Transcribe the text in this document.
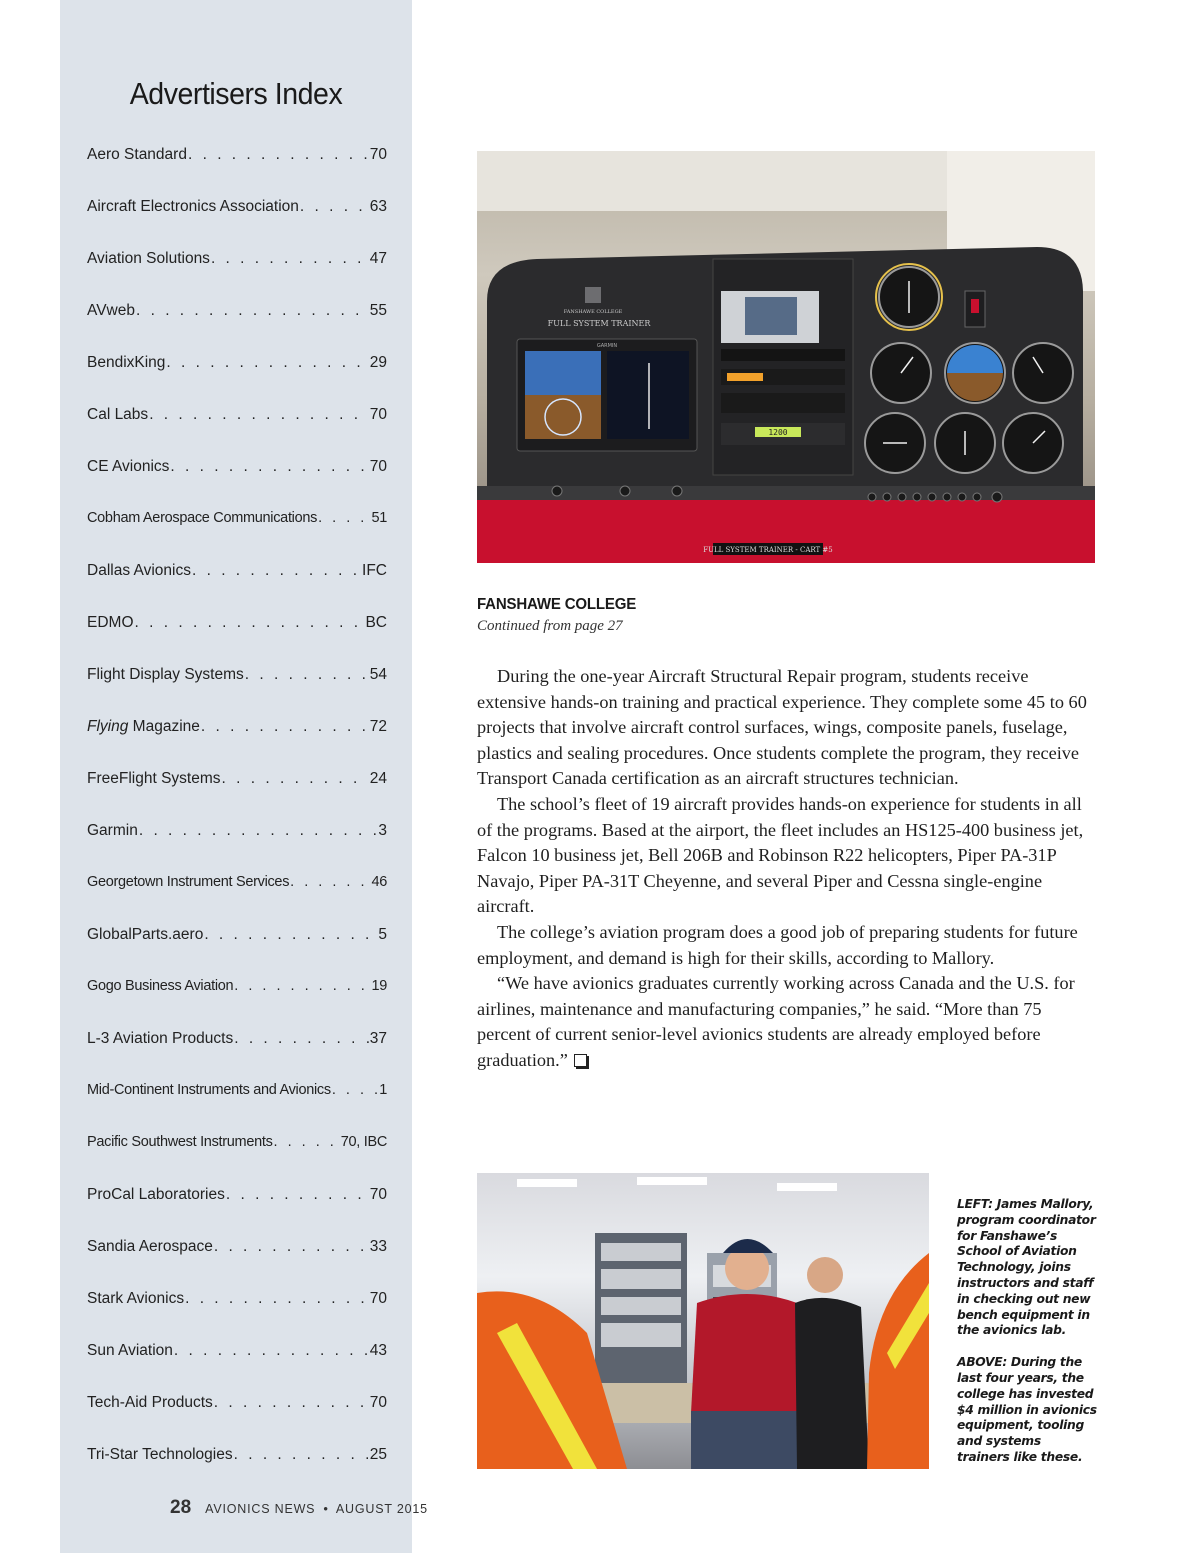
Advertisers Index
Aero Standard . . .	70
Aircraft Electronics Association . . .	63
Aviation Solutions . . .	47
AVweb . . .	55
BendixKing . . .	29
Cal Labs . . .	70
CE Avionics . . .	70
Cobham Aerospace Communications . . .	51
Dallas Avionics . . .	IFC
EDMO . . .	BC
Flight Display Systems . . .	54
Flying Magazine . . .	72
FreeFlight Systems . . .	24
Garmin . . .	3
Georgetown Instrument Services . . .	46
GlobalParts.aero . . .	5
Gogo Business Aviation . . .	19
L-3 Aviation Products . . .	37
Mid-Continent Instruments and Avionics . . .	1
Pacific Southwest Instruments . . .	70, IBC
ProCal Laboratories . . .	70
Sandia Aerospace . . .	33
Stark Avionics . . .	70
Sun Aviation . . .	43
Tech-Aid Products . . .	70
Tri-Star Technologies . . .	25
28 AVIONICS NEWS • AUGUST 2015
FULL SYSTEM TRAINER - CART #5
FANSHAWE COLLEGE
FULL SYSTEM TRAINER
GARMIN
1200
FANSHAWE COLLEGE
Continued from page 27

During the one-year Aircraft Structural Repair program, students receive extensive hands-on training and practical experience. They complete some 45 to 60 projects that involve aircraft control surfaces, wings, composite panels, fuselage, plastics and sealing procedures. Once students complete the program, they receive Transport Canada certification as an aircraft structures technician.

The school’s fleet of 19 aircraft provides hands-on experience for students in all of the programs. Based at the airport, the fleet includes an HS125-400 business jet, Falcon 10 business jet, Bell 206B and Robinson R22 helicopters, Piper PA-31P Navajo, Piper PA-31T Cheyenne, and several Piper and Cessna single-engine aircraft.

The college’s aviation program does a good job of preparing students for future employment, and demand is high for their skills, according to Mallory.

“We have avionics graduates currently working across Canada and the U.S. for airlines, maintenance and manufacturing companies,” he said. “More than 75 percent of current senior-level avionics students are already employed before graduation.”

LEFT: James Mallory, program coordinator for Fanshawe’s School of Aviation Technology, joins instructors and staff in checking out new bench equipment in the avionics lab.

ABOVE: During the last four years, the college has invested $4 million in avionics equipment, tooling and systems trainers like these.
